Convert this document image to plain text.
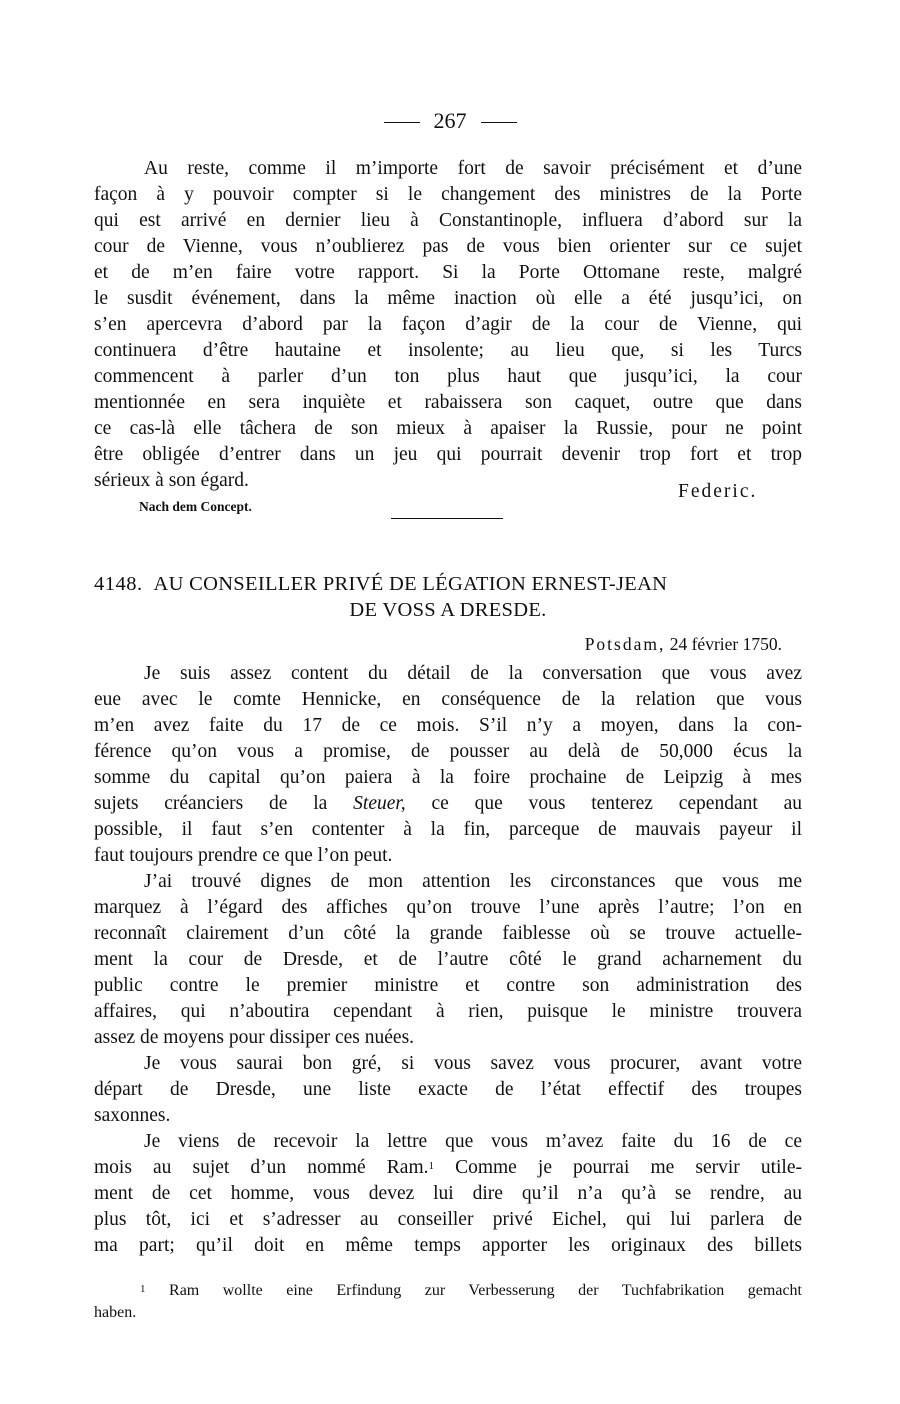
267

Au reste, comme il m’importe fort de savoir précisément et d’une

façon à y pouvoir compter si le changement des ministres de la Porte

qui est arrivé en dernier lieu à Constantinople, influera d’abord sur la

cour de Vienne, vous n’oublierez pas de vous bien orienter sur ce sujet

et de m’en faire votre rapport. Si la Porte Ottomane reste, malgré

le susdit événement, dans la même inaction où elle a été jusqu’ici, on

s’en apercevra d’abord par la façon d’agir de la cour de Vienne, qui

continuera d’être hautaine et insolente; au lieu que, si les Turcs

commencent à parler d’un ton plus haut que jusqu’ici, la cour

mentionnée en sera inquiète et rabaissera son caquet, outre que dans

ce cas-là elle tâchera de son mieux à apaiser la Russie, pour ne point

être obligée d’entrer dans un jeu qui pourrait devenir trop fort et trop

sérieux à son égard.

Federic.
Nach dem Concept.
4148. AU CONSEILLER PRIVÉ DE LÉGATION ERNEST-JEAN
DE VOSS A DRESDE.
Potsdam, 24 février 1750.

Je suis assez content du détail de la conversation que vous avez

eue avec le comte Hennicke, en conséquence de la relation que vous

m’en avez faite du 17 de ce mois. S’il n’y a moyen, dans la con-

férence qu’on vous a promise, de pousser au delà de 50,000 écus la

somme du capital qu’on paiera à la foire prochaine de Leipzig à mes

sujets créanciers de la Steuer, ce que vous tenterez cependant au

possible, il faut s’en contenter à la fin, parceque de mauvais payeur il

faut toujours prendre ce que l’on peut.

J’ai trouvé dignes de mon attention les circonstances que vous me

marquez à l’égard des affiches qu’on trouve l’une après l’autre; l’on en

reconnaît clairement d’un côté la grande faiblesse où se trouve actuelle-

ment la cour de Dresde, et de l’autre côté le grand acharnement du

public contre le premier ministre et contre son administration des

affaires, qui n’aboutira cependant à rien, puisque le ministre trouvera

assez de moyens pour dissiper ces nuées.

Je vous saurai bon gré, si vous savez vous procurer, avant votre

départ de Dresde, une liste exacte de l’état effectif des troupes

saxonnes.

Je viens de recevoir la lettre que vous m’avez faite du 16 de ce

mois au sujet d’un nommé Ram.$^1$ Comme je pourrai me servir utile-

ment de cet homme, vous devez lui dire qu’il n’a qu’à se rendre, au

plus tôt, ici et s’adresser au conseiller privé Eichel, qui lui parlera de

ma part; qu’il doit en même temps apporter les originaux des billets

$^1$ Ram wollte eine Erfindung zur Verbesserung der Tuchfabrikation gemacht

haben.
